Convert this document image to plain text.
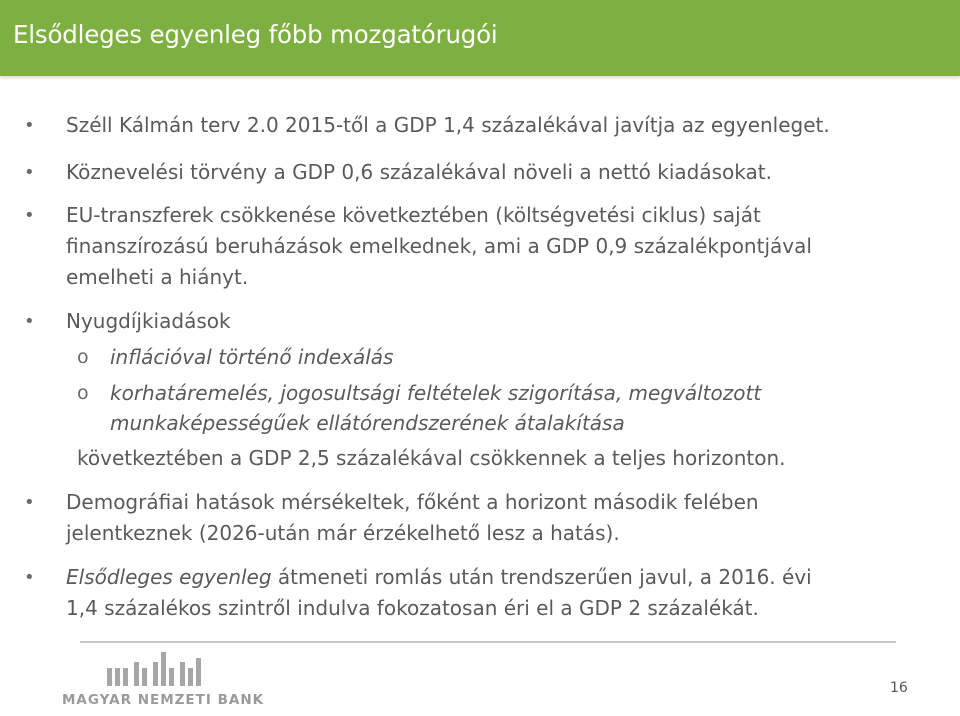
Elsődleges egyenleg főbb mozgatórugói
• Széll Kálmán terv 2.0 2015-től a GDP 1,4 százalékával javítja az egyenleget.
• Köznevelési törvény a GDP 0,6 százalékával növeli a nettó kiadásokat.
• EU-transzferek csökkenése következtében (költségvetési ciklus) saját
finanszírozású beruházások emelkednek, ami a GDP 0,9 százalékpontjával
emelheti a hiányt.
• Nyugdíjkiadások
o inflációval történő indexálás
o korhatáremelés, jogosultsági feltételek szigorítása, megváltozott
munkaképességűek ellátórendszerének átalakítása
következtében a GDP 2,5 százalékával csökkennek a teljes horizonton.
• Demográfiai hatások mérsékeltek, főként a horizont második felében
jelentkeznek (2026-után már érzékelhető lesz a hatás).
• Elsődleges egyenleg átmeneti romlás után trendszerűen javul, a 2016. évi
1,4 százalékos szintről indulva fokozatosan éri el a GDP 2 százalékát.
MAGYAR NEMZETI BANK
16
